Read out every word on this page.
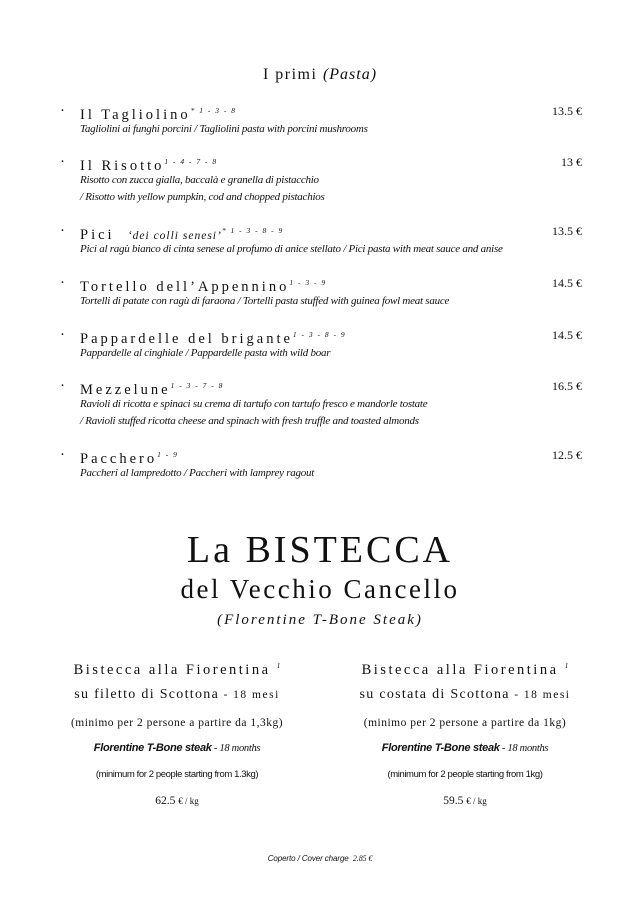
I primi (Pasta)
· Il Tagliolino$^{* 1 - 3 - 8}$	13.5 €
Tagliolini ai funghi porcini / Tagliolini pasta with porcini mushrooms
· Il Risotto$^{1 - 4 - 7 - 8}$	13 €
Risotto con zucca gialla, baccalà e granella di pistacchio
/ Risotto with yellow pumpkin, cod and chopped pistachios
· Pici ‘dei colli senesi’$^{* 1 - 3 - 8 - 9}$	13.5 €
Pici al ragù bianco di cinta senese al profumo di anice stellato / Pici pasta with meat sauce and anise
· Tortello dell’Appennino$^{1 - 3 - 9}$	14.5 €
Tortelli di patate con ragù di faraona / Tortelli pasta stuffed with guinea fowl meat sauce
· Pappardelle del brigante$^{1 - 3 - 8 - 9}$	14.5 €
Pappardelle al cinghiale / Pappardelle pasta with wild boar
· Mezzelune$^{1 - 3 - 7 - 8}$	16.5 €
Ravioli di ricotta e spinaci su crema di tartufo con tartufo fresco e mandorle tostate
/ Ravioli stuffed ricotta cheese and spinach with fresh truffle and toasted almonds
· Pacchero$^{1 - 9}$	12.5 €
Paccheri al lampredotto / Paccheri with lamprey ragout
La BISTECCA
del Vecchio Cancello
(Florentine T-Bone Steak)
Bistecca alla Fiorentina $^1$
su filetto di Scottona - 18 mesi
(minimo per 2 persone a partire da 1,3kg)
Florentine T-Bone steak - 18 months
(minimum for 2 people starting from 1.3kg)
62.5 € / kg
Bistecca alla Fiorentina $^1$
su costata di Scottona - 18 mesi
(minimo per 2 persone a partire da 1kg)
Florentine T-Bone steak - 18 months
(minimum for 2 people starting from 1kg)
59.5 € / kg
Coperto / Cover charge 2.85 €
